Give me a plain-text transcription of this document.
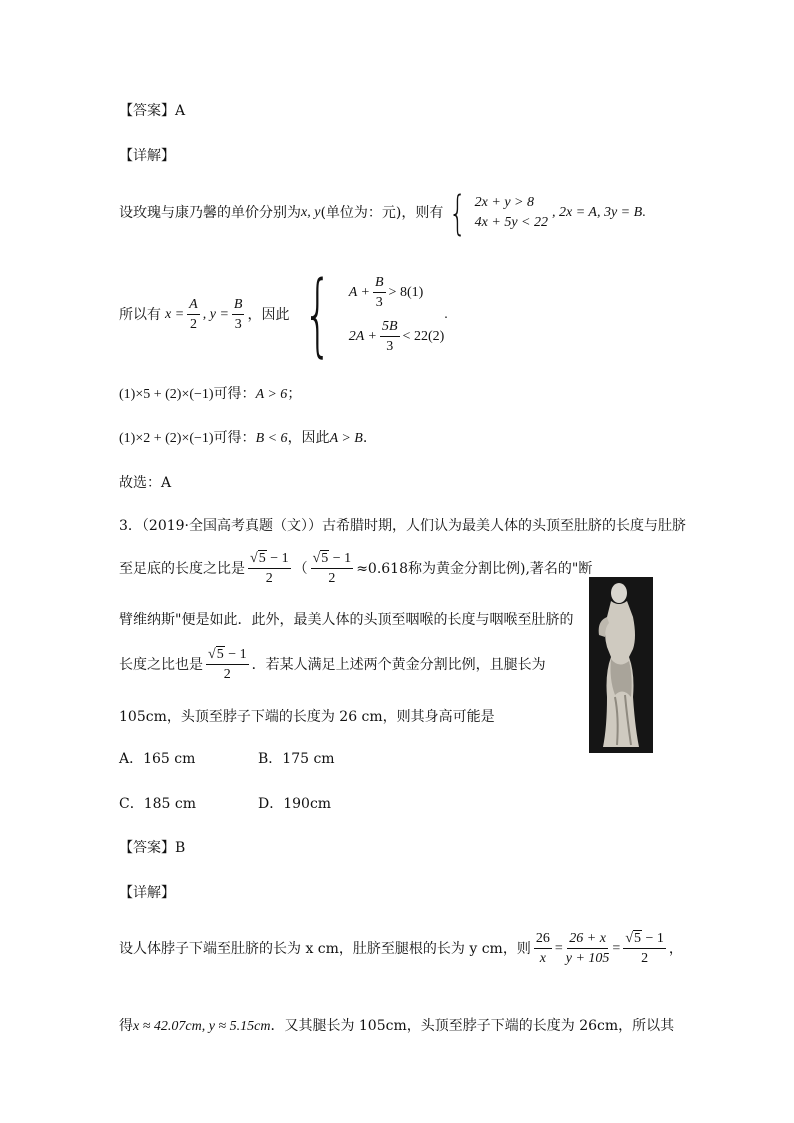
【答案】A
【详解】
设玫瑰与康乃馨的单价分别为 x, y (单位为：元)，则有 { 2x + y > 8
4x + 5y < 22
, 2x = A, 3y = B .
所以有 $x = \frac{A}{2}$ , $y = \frac{B}{3}$ ，因此 { $A + \frac{B}{3} > 8(1)$
$2A + \frac{5B}{3} < 22(2)$
.
(1)×5 + (2)×(−1)可得：A > 6；
(1)×2 + (2)×(−1)可得：B < 6，因此A > B.
故选：A
3．（2019·全国高考真题（文））古希腊时期，人们认为最美人体的头顶至肚脐的长度与肚脐
至足底的长度之比是 $\frac{√5 - 1}{2}$ （ $\frac{√5 - 1}{2} \approx 0.618$称为黄金分割比例),著名的"断
臂维纳斯"便是如此．此外，最美人体的头顶至咽喉的长度与咽喉至肚脐的
长度之比也是 $\frac{√5 - 1}{2}$ ．若某人满足上述两个黄金分割比例，且腿长为
105cm，头顶至脖子下端的长度为 26 cm，则其身高可能是
A．165 cm	B．175 cm
C．185 cm	D．190cm
【答案】B
【详解】
设人体脖子下端至肚脐的长为 x cm，肚脐至腿根的长为 y cm，则 $\frac{26}{x} = \frac{26 + x}{y + 105} = \frac{√5 - 1}{2}$ ，
得x ≈ 42.07cm, y ≈ 5.15cm．又其腿长为 105cm，头顶至脖子下端的长度为 26cm，所以其
